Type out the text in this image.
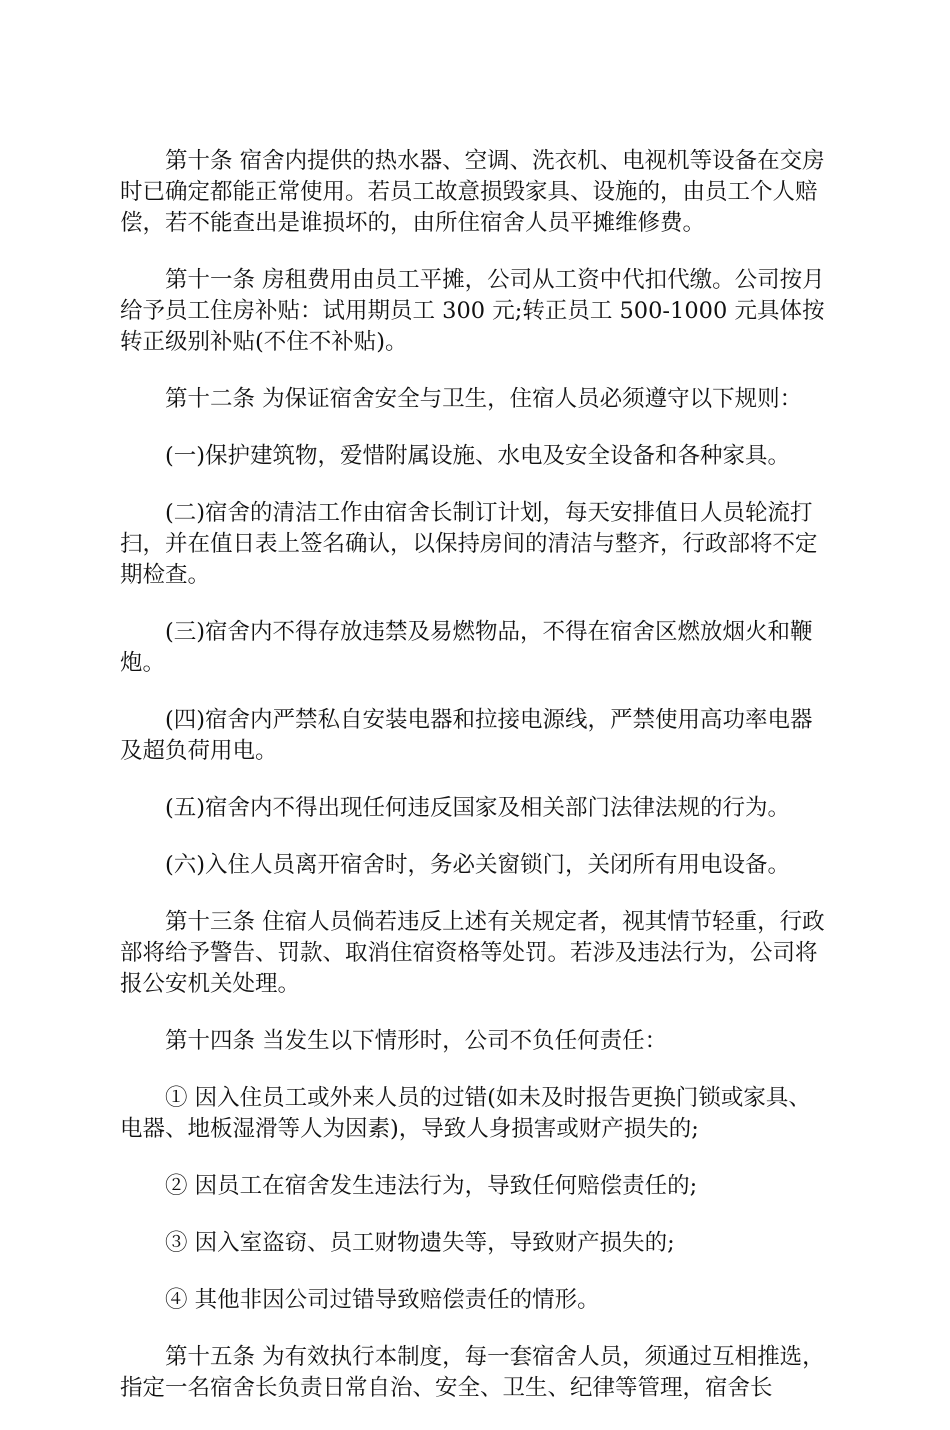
第十条 宿舍内提供的热水器、空调、洗衣机、电视机等设备在交房时已确定都能正常使用。若员工故意损毁家具、设施的，由员工个人赔偿，若不能查出是谁损坏的，由所住宿舍人员平摊维修费。

第十一条 房租费用由员工平摊，公司从工资中代扣代缴。公司按月给予员工住房补贴：试用期员工 300 元;转正员工 500-1000 元具体按转正级别补贴(不住不补贴)。

第十二条 为保证宿舍安全与卫生，住宿人员必须遵守以下规则：

(一)保护建筑物，爱惜附属设施、水电及安全设备和各种家具。

(二)宿舍的清洁工作由宿舍长制订计划，每天安排值日人员轮流打扫，并在值日表上签名确认，以保持房间的清洁与整齐，行政部将不定期检查。

(三)宿舍内不得存放违禁及易燃物品，不得在宿舍区燃放烟火和鞭炮。

(四)宿舍内严禁私自安装电器和拉接电源线，严禁使用高功率电器及超负荷用电。

(五)宿舍内不得出现任何违反国家及相关部门法律法规的行为。

(六)入住人员离开宿舍时，务必关窗锁门，关闭所有用电设备。

第十三条 住宿人员倘若违反上述有关规定者，视其情节轻重，行政部将给予警告、罚款、取消住宿资格等处罚。若涉及违法行为，公司将报公安机关处理。

第十四条 当发生以下情形时，公司不负任何责任：

① 因入住员工或外来人员的过错(如未及时报告更换门锁或家具、电器、地板湿滑等人为因素)，导致人身损害或财产损失的;

② 因员工在宿舍发生违法行为，导致任何赔偿责任的;

③ 因入室盗窃、员工财物遗失等，导致财产损失的;

④ 其他非因公司过错导致赔偿责任的情形。

第十五条 为有效执行本制度，每一套宿舍人员，须通过互相推选，指定一名宿舍长负责日常自治、安全、卫生、纪律等管理，宿舍长
